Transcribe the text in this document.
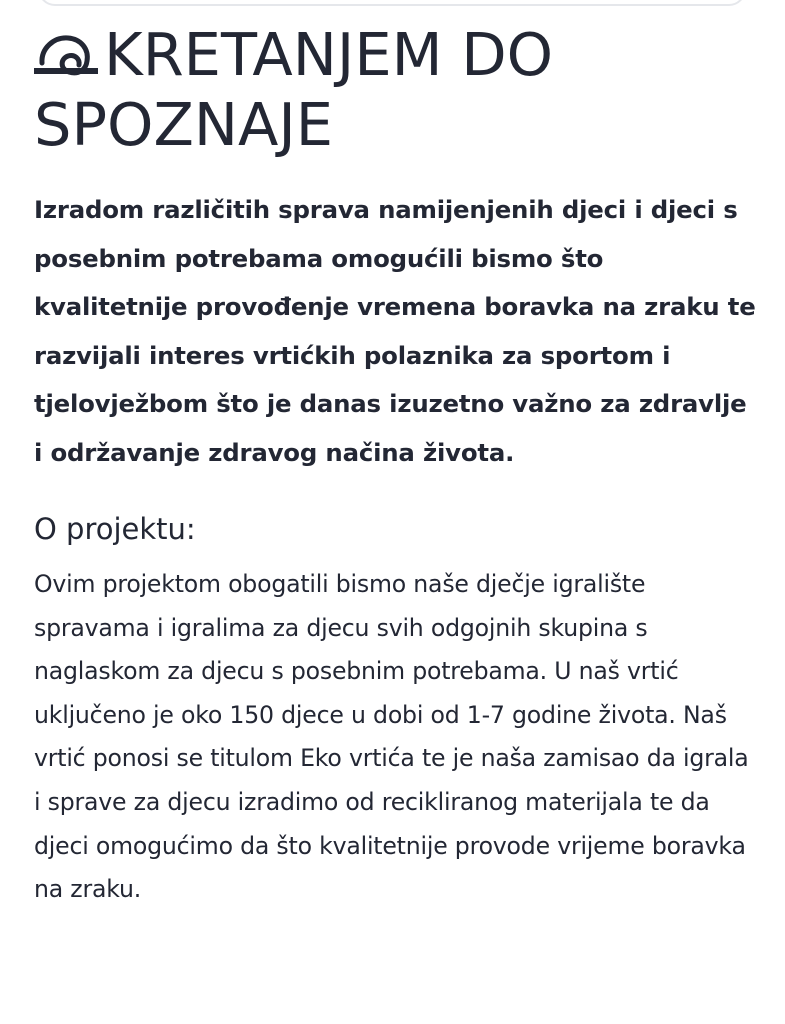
KRETANJEM DO SPOZNAJE

Izradom različitih sprava namijenjenih djeci i djeci s posebnim potrebama omogućili bismo što kvalitetnije provođenje vremena boravka na zraku te razvijali interes vrtićkih polaznika za sportom i tjelovježbom što je danas izuzetno važno za zdravlje i održavanje zdravog načina života.

O projektu:

Ovim projektom obogatili bismo naše dječje igralište spravama i igralima za djecu svih odgojnih skupina s naglaskom za djecu s posebnim potrebama. U naš vrtić uključeno je oko 150 djece u dobi od 1-7 godine života. Naš vrtić ponosi se titulom Eko vrtića te je naša zamisao da igrala i sprave za djecu izradimo od recikliranog materijala te da djeci omogućimo da što kvalitetnije provode vrijeme boravka na zraku.
